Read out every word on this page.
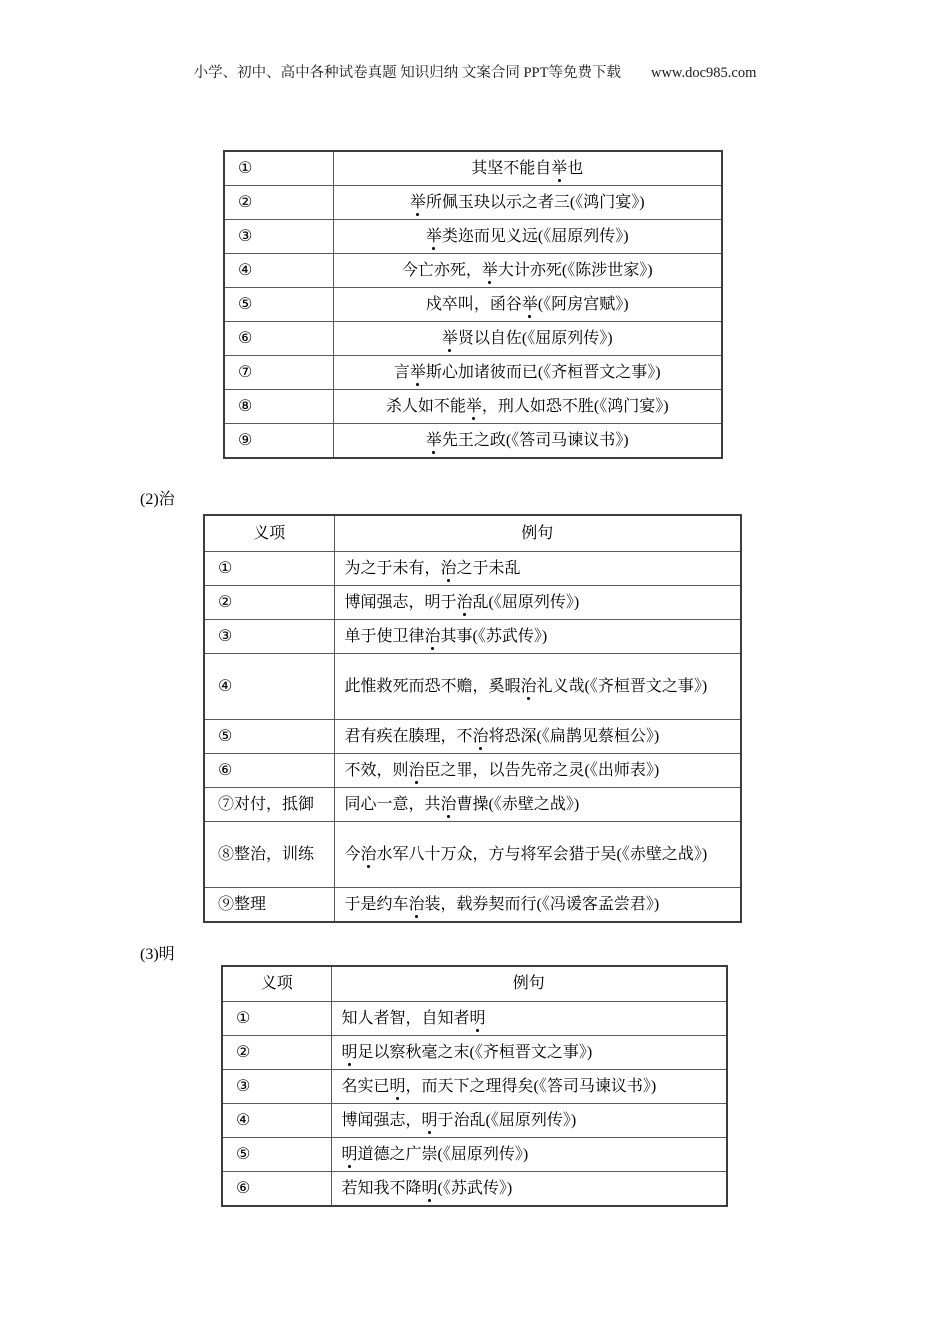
小学、初中、高中各种试卷真题 知识归纳 文案合同 PPT等免费下载 www.doc985.com
①	其坚不能自举也
②	举所佩玉玦以示之者三(《鸿门宴》)
③	举类迩而见义远(《屈原列传》)
④	今亡亦死，举大计亦死(《陈涉世家》)
⑤	戍卒叫，函谷举(《阿房宫赋》)
⑥	举贤以自佐(《屈原列传》)
⑦	言举斯心加诸彼而已(《齐桓晋文之事》)
⑧	杀人如不能举，刑人如恐不胜(《鸿门宴》)
⑨	举先王之政(《答司马谏议书》)
(2)治
义项	例句
①	为之于未有，治之于未乱
②	博闻强志，明于治乱(《屈原列传》)
③	单于使卫律治其事(《苏武传》)
④	此惟救死而恐不赡，奚暇治礼义哉(《齐桓晋文之事》)
⑤	君有疾在腠理，不治将恐深(《扁鹊见蔡桓公》)
⑥	不效，则治臣之罪，以告先帝之灵(《出师表》)
⑦对付，抵御	同心一意，共治曹操(《赤壁之战》)
⑧整治，训练	今治水军八十万众，方与将军会猎于吴(《赤壁之战》)
⑨整理	于是约车治装，载券契而行(《冯谖客孟尝君》)
(3)明
义项	例句
①	知人者智，自知者明
②	明足以察秋毫之末(《齐桓晋文之事》)
③	名实已明，而天下之理得矣(《答司马谏议书》)
④	博闻强志，明于治乱(《屈原列传》)
⑤	明道德之广崇(《屈原列传》)
⑥	若知我不降明(《苏武传》)
